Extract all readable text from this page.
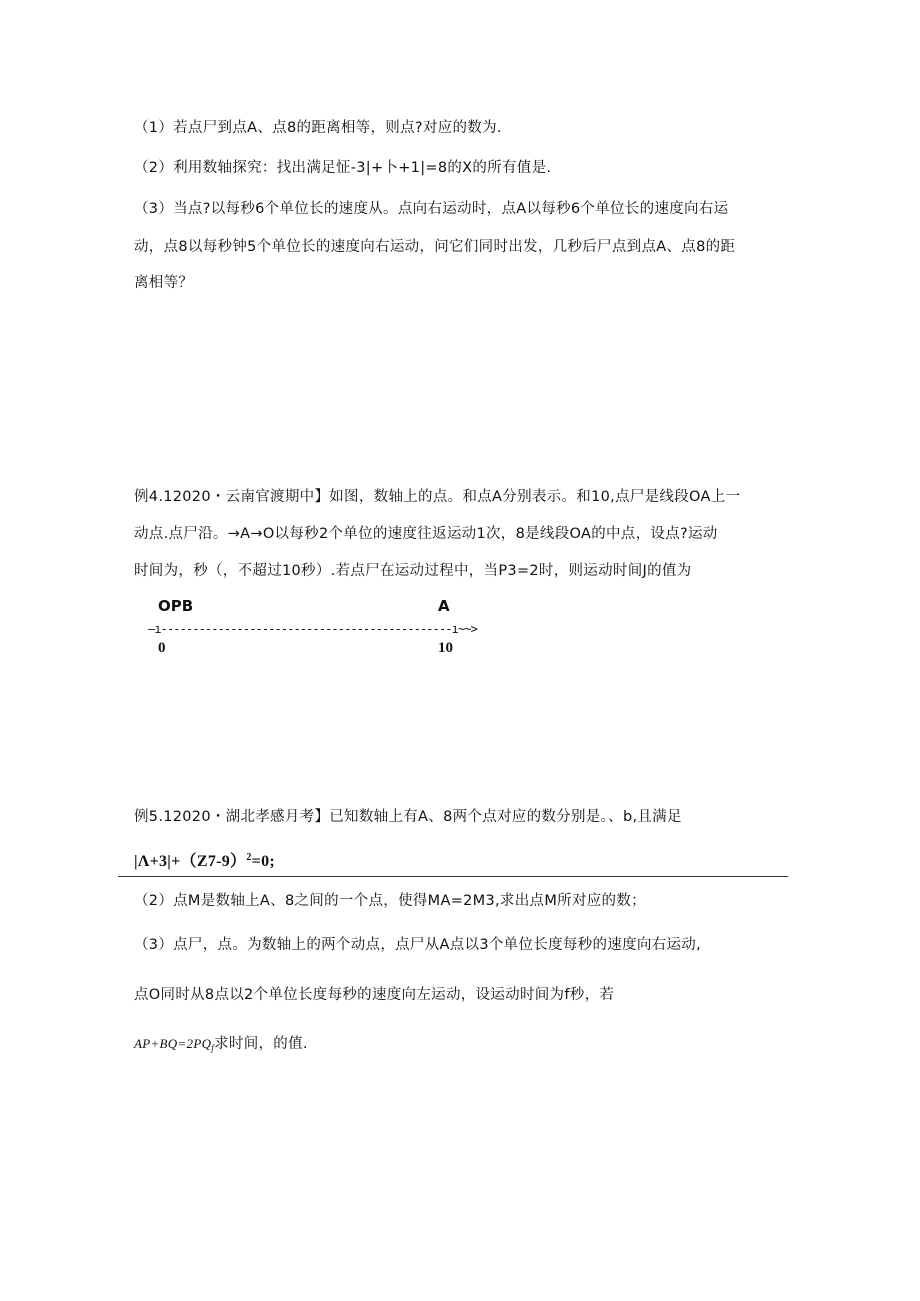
（1）若点尸到点A、点8的距离相等，则点?对应的数为.
（2）利用数轴探究：找出满足怔-3|+卜+1|=8的X的所有值是.
（3）当点?以每秒6个单位长的速度从。点向右运动时，点A以每秒6个单位长的速度向右运
动，点8以每秒钟5个单位长的速度向右运动，问它们同时出发，几秒后尸点到点A、点8的距
离相等？
例4.12020・云南官渡期中】如图，数轴上的点。和点A分别表示。和10,点尸是线段OA上一
动点.点尸沿。→A→O以每秒2个单位的速度往返运动1次，8是线段OA的中点，设点?运动
时间为，秒（，不超过10秒）.若点尸在运动过程中，当P3=2时，则运动时间J的值为
OPB	A
—ı----------------------------------------------ı~~>
0	10
例5.12020・湖北孝感月考】已知数轴上有A、8两个点对应的数分别是。、b,且满足
$|\Lambda+3|+(Z7-9)^2=0$;
（2）点M是数轴上A、8之间的一个点，使得MA=2M3,求出点M所对应的数；
（3）点尸，点。为数轴上的两个动点，点尸从A点以3个单位长度每秒的速度向右运动,
点O同时从8点以2个单位长度每秒的速度向左运动，设运动时间为f秒，若
$AP+BQ=2PQ_f$求时间，的值.
